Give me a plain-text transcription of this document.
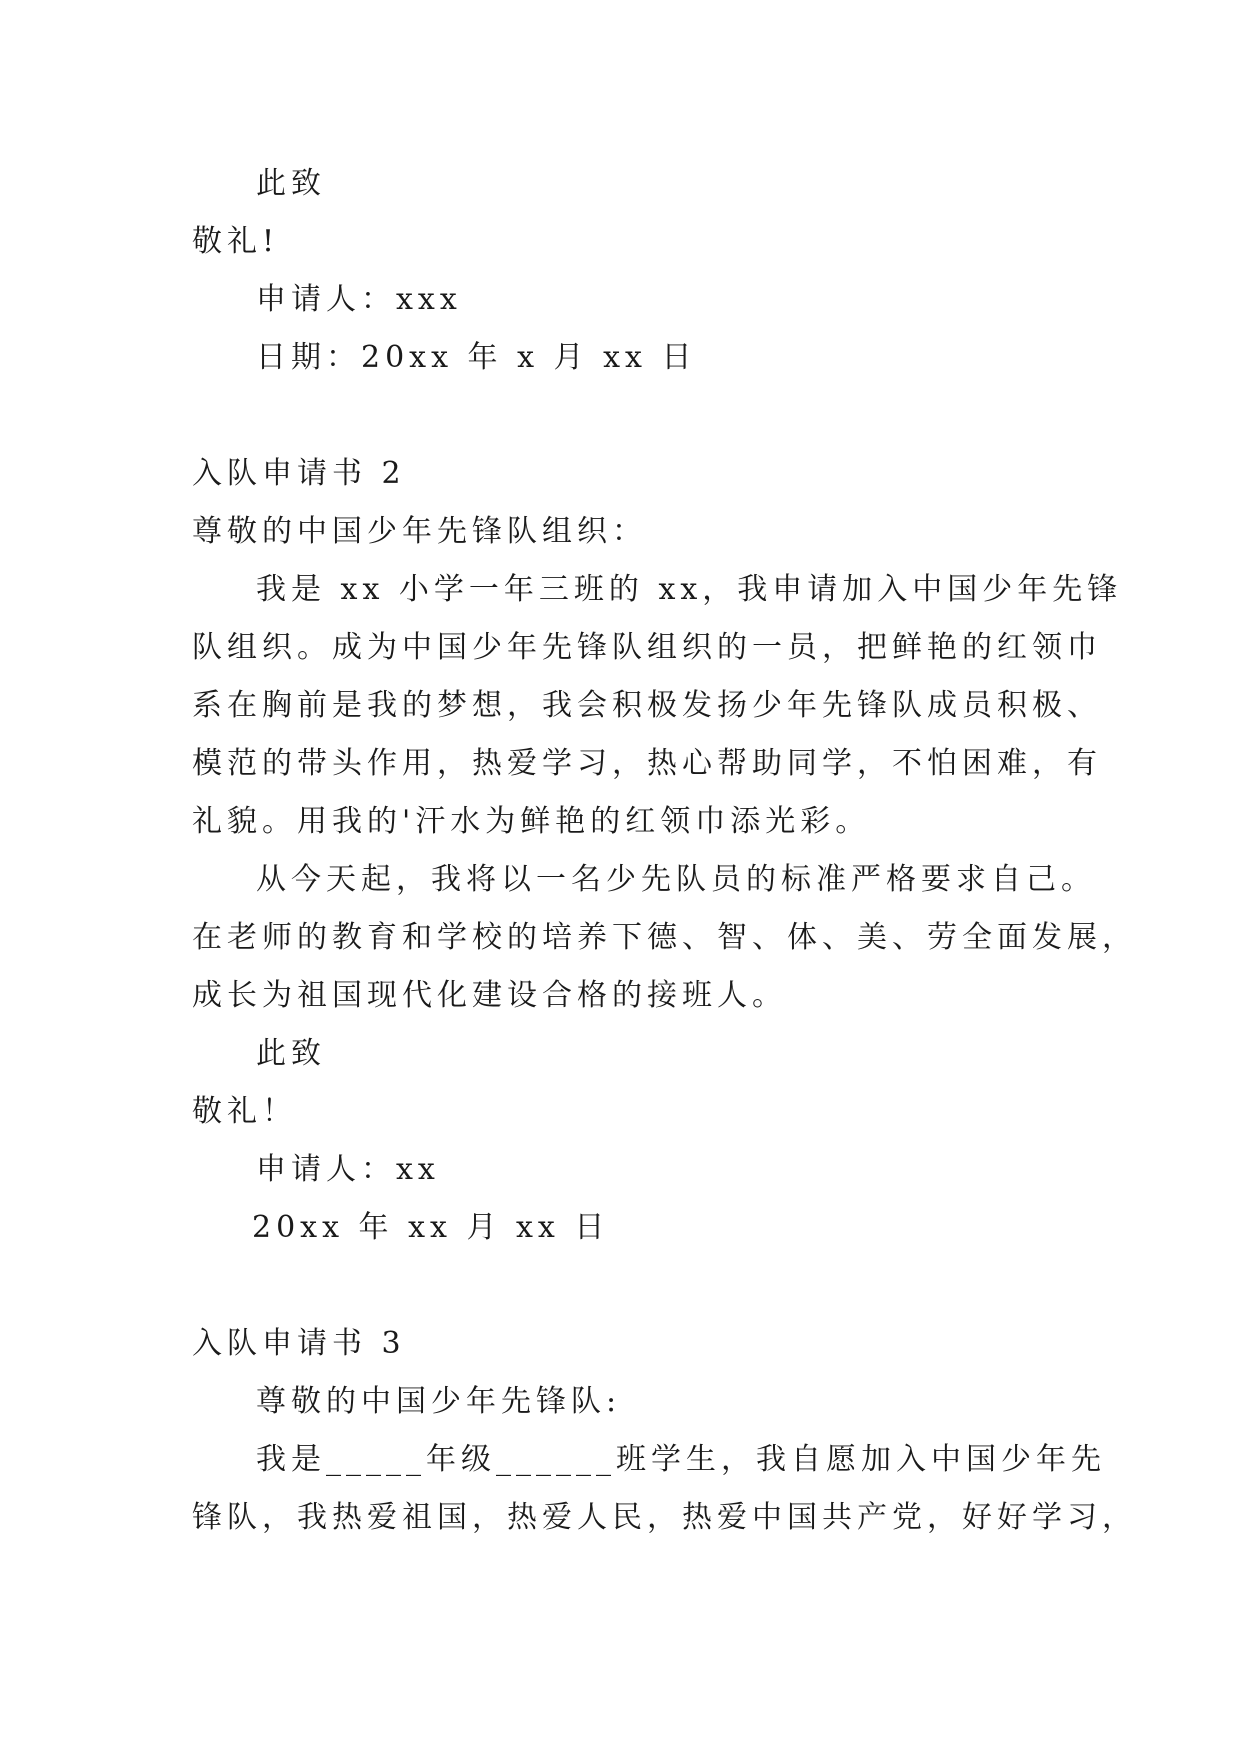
此致
敬礼!
申请人：xxx
日期：20xx 年 x 月 xx 日
入队申请书 2
尊敬的中国少年先锋队组织：
我是 xx 小学一年三班的 xx，我申请加入中国少年先锋
队组织。成为中国少年先锋队组织的一员，把鲜艳的红领巾
系在胸前是我的梦想，我会积极发扬少年先锋队成员积极、
模范的带头作用，热爱学习，热心帮助同学，不怕困难，有
礼貌。用我的'汗水为鲜艳的红领巾添光彩。
从今天起，我将以一名少先队员的标准严格要求自己。
在老师的教育和学校的培养下德、智、体、美、劳全面发展，
成长为祖国现代化建设合格的接班人。
此致
敬礼！
申请人：xx
20xx 年 xx 月 xx 日
入队申请书 3
尊敬的中国少年先锋队:
我是_____年级______班学生，我自愿加入中国少年先
锋队，我热爱祖国，热爱人民，热爱中国共产党，好好学习，
